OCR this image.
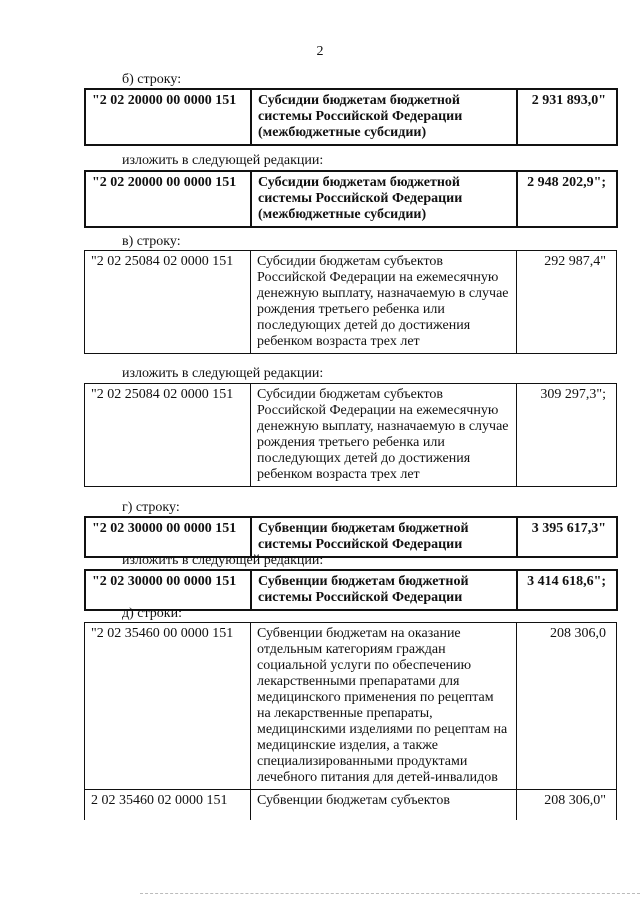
2
б) строку:
"2 02 20000 00 0000 151	Субсидии бюджетам бюджетной системы Российской Федерации (межбюджетные субсидии)	2 931 893,0"
изложить в следующей редакции:
"2 02 20000 00 0000 151	Субсидии бюджетам бюджетной системы Российской Федерации (межбюджетные субсидии)	2 948 202,9";
в) строку:
"2 02 25084 02 0000 151	Субсидии бюджетам субъектов Российской Федерации на ежемесячную денежную выплату, назначаемую в случае рождения третьего ребенка или последующих детей до достижения ребенком возраста трех лет	292 987,4"
изложить в следующей редакции:
"2 02 25084 02 0000 151	Субсидии бюджетам субъектов Российской Федерации на ежемесячную денежную выплату, назначаемую в случае рождения третьего ребенка или последующих детей до достижения ребенком возраста трех лет	309 297,3";
г) строку:
"2 02 30000 00 0000 151	Субвенции бюджетам бюджетной системы Российской Федерации	3 395 617,3"
изложить в следующей редакции:
"2 02 30000 00 0000 151	Субвенции бюджетам бюджетной системы Российской Федерации	3 414 618,6";
д) строки:
"2 02 35460 00 0000 151	Субвенции бюджетам на оказание отдельным категориям граждан социальной услуги по обеспечению лекарственными препаратами для медицинского применения по рецептам на лекарственные препараты, медицинскими изделиями по рецептам на медицинские изделия, а также специализированными продуктами лечебного питания для детей-инвалидов	208 306,0
2 02 35460 02 0000 151	Субвенции бюджетам субъектов	208 306,0"
